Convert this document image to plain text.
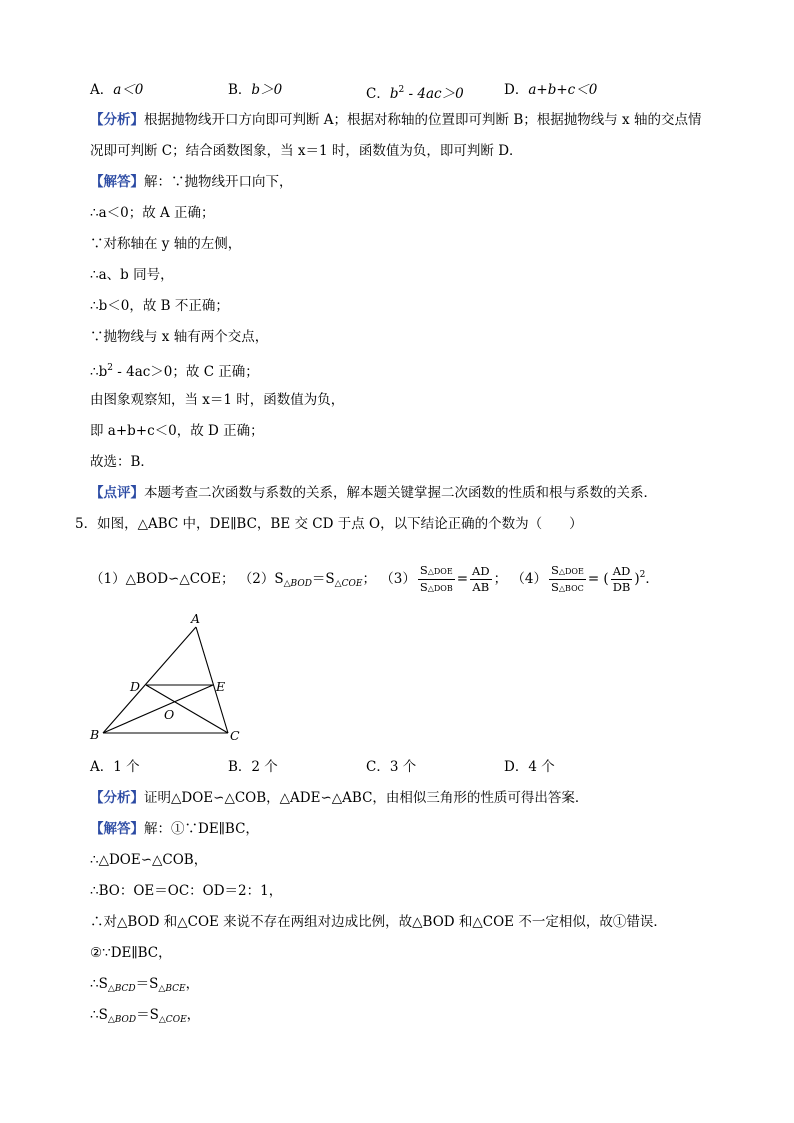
A．a＜0	B．b＞0	C．$b^2 - 4ac>0$	D．a+b+c＜0
【分析】根据抛物线开口方向即可判断 A；根据对称轴的位置即可判断 B；根据抛物线与 x 轴的交点情
况即可判断 C；结合函数图象，当 x＝1 时，函数值为负，即可判断 D．
【解答】解：∵抛物线开口向下，
∴a＜0；故 A 正确；
∵对称轴在 y 轴的左侧，
∴a、b 同号，
∴b＜0，故 B 不正确；
∵抛物线与 x 轴有两个交点，
$\therefore b^2 - 4ac>0$；故 C 正确；
由图象观察知，当 x＝1 时，函数值为负，
即 a+b+c＜0，故 D 正确；
故选：B．
【点评】本题考查二次函数与系数的关系，解本题关键掌握二次函数的性质和根与系数的关系．
5．如图，△ABC 中，DE∥BC，BE 交 CD 于点 O，以下结论正确的个数为（　　）
（1）△BOD∽△COE； $(2)S_{\triangle BOD}=S_{\triangle COE}$； $(3) \frac{\text{S△DOE}}{\text{S△DOB}} = \frac{AD}{AB}$ ； $(4) \frac{\text{S△DOE}}{\text{S△BOC}}$ = ( $\frac{AD}{DB} )^2$．
A
B	C
D	E
O
A．1 个	B．2 个	C．3 个	D．4 个
【分析】证明△DOE∽△COB，△ADE∽△ABC，由相似三角形的性质可得出答案．
【解答】解：①∵DE∥BC，
∴△DOE∽△COB，
∴BO：OE＝OC：OD＝2：1，
∴对△BOD 和△COE 来说不存在两组对边成比例，故△BOD 和△COE 不一定相似，故①错误．
②∵DE∥BC，
$\therefore S_{\triangle BCD}=S_{\triangle BCE}$，
$\therefore S_{\triangle BOD}=S_{\triangle COE}$，
